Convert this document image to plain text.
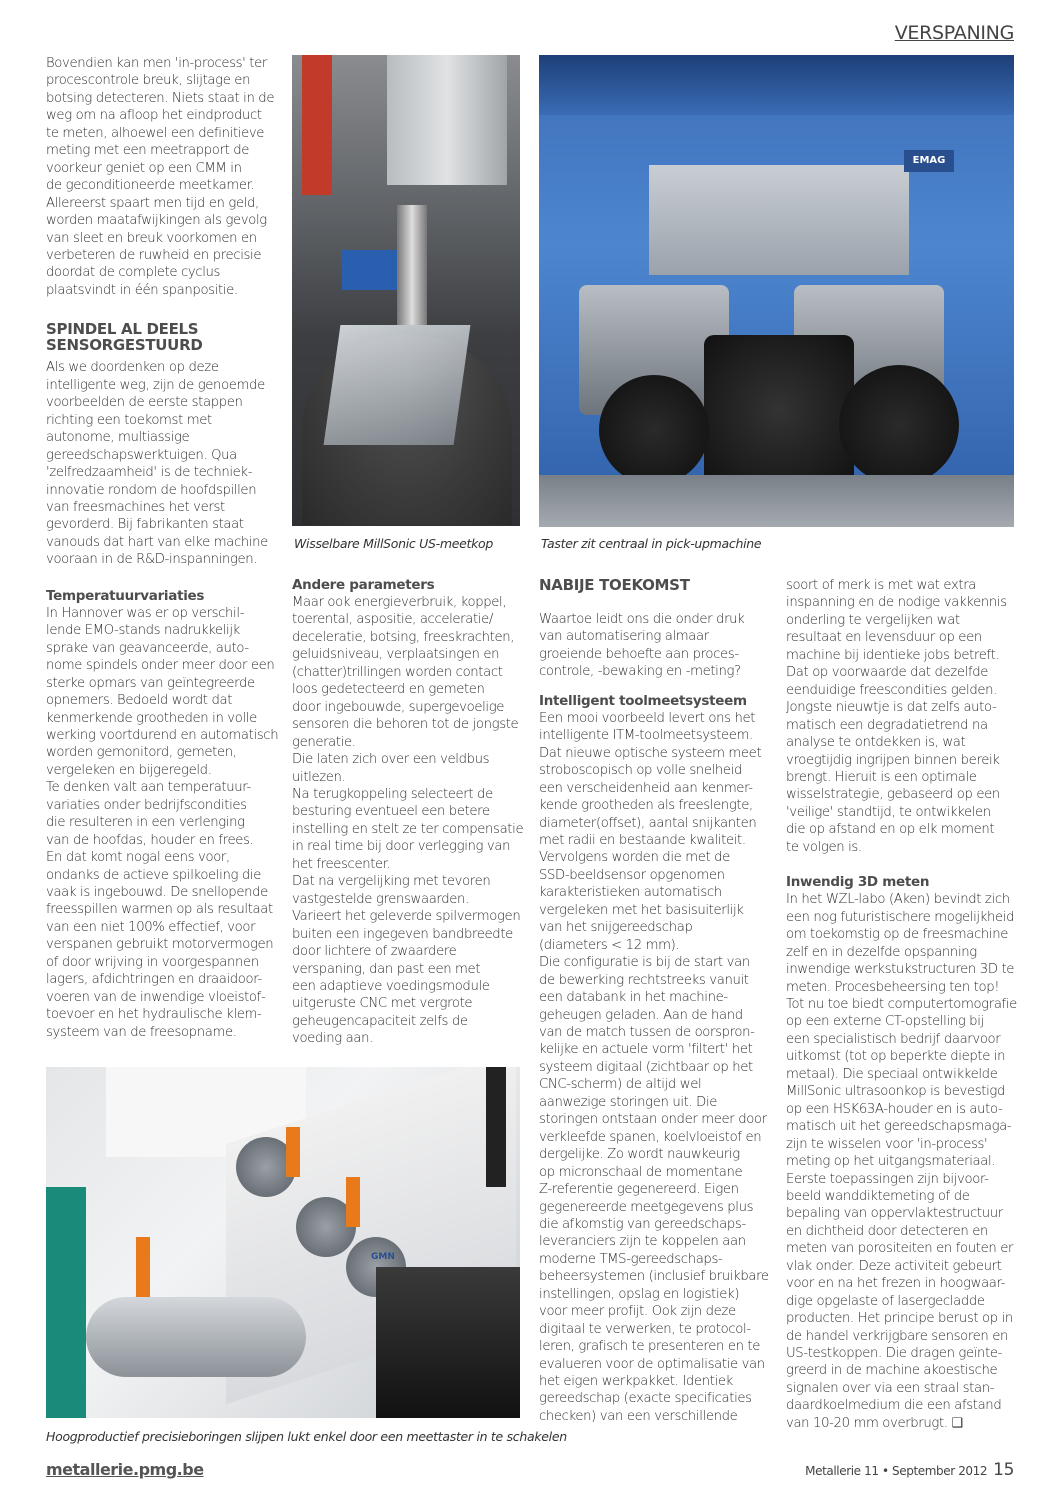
VERSPANING

Bovendien kan men 'in-process' ter
procescontrole breuk, slijtage en
botsing detecteren. Niets staat in de
weg om na afloop het eindproduct
te meten, alhoewel een definitieve
meting met een meetrapport de
voorkeur geniet op een CMM in
de geconditioneerde meetkamer.
Allereerst spaart men tijd en geld,
worden maatafwijkingen als gevolg
van sleet en breuk voorkomen en
verbeteren de ruwheid en precisie
doordat de complete cyclus
plaatsvindt in één spanpositie.

SPINDEL AL DEELS
SENSORGESTUURD

Als we doordenken op deze
intelligente weg, zijn de genoemde
voorbeelden de eerste stappen
richting een toekomst met
autonome, multiassige
gereedschapswerktuigen. Qua
'zelfredzaamheid' is de techniek-
innovatie rondom de hoofdspillen
van freesmachines het verst
gevorderd. Bij fabrikanten staat
vanouds dat hart van elke machine
vooraan in de R&D-inspanningen.

Temperatuurvariaties

In Hannover was er op verschil-
lende EMO-stands nadrukkelijk
sprake van geavanceerde, auto-
nome spindels onder meer door een
sterke opmars van geïntegreerde
opnemers. Bedoeld wordt dat
kenmerkende grootheden in volle
werking voortdurend en automatisch
worden gemonitord, gemeten,
vergeleken en bijgeregeld.
Te denken valt aan temperatuur-
variaties onder bedrijfscondities
die resulteren in een verlenging
van de hoofdas, houder en frees.
En dat komt nogal eens voor,
ondanks de actieve spilkoeling die
vaak is ingebouwd. De snellopende
freesspillen warmen op als resultaat
van een niet 100% effectief, voor
verspanen gebruikt motorvermogen
of door wrijving in voorgespannen
lagers, afdichtringen en draaidoor-
voeren van de inwendige vloeistof-
toevoer en het hydraulische klem-
systeem van de freesopname.

Andere parameters

Maar ook energieverbruik, koppel,
toerental, aspositie, acceleratie/
deceleratie, botsing, freeskrachten,
geluidsniveau, verplaatsingen en
(chatter)trillingen worden contact
loos gedetecteerd en gemeten
door ingebouwde, supergevoelige
sensoren die behoren tot de jongste
generatie.
Die laten zich over een veldbus
uitlezen.
Na terugkoppeling selecteert de
besturing eventueel een betere
instelling en stelt ze ter compensatie
in real time bij door verlegging van
het freescenter.
Dat na vergelijking met tevoren
vastgestelde grenswaarden.
Varieert het geleverde spilvermogen
buiten een ingegeven bandbreedte
door lichtere of zwaardere
verspaning, dan past een met
een adaptieve voedingsmodule
uitgeruste CNC met vergrote
geheugencapaciteit zelfs de
voeding aan.

NABIJE TOEKOMST

Waartoe leidt ons die onder druk
van automatisering almaar
groeiende behoefte aan proces-
controle, -bewaking en -meting?

Intelligent toolmeetsysteem

Een mooi voorbeeld levert ons het
intelligente ITM-toolmeetsysteem.
Dat nieuwe optische systeem meet
stroboscopisch op volle snelheid
een verscheidenheid aan kenmer-
kende grootheden als freeslengte,
diameter(offset), aantal snijkanten
met radii en bestaande kwaliteit.
Vervolgens worden die met de
SSD-beeldsensor opgenomen
karakteristieken automatisch
vergeleken met het basisuiterlijk
van het snijgereedschap
(diameters < 12 mm).
Die configuratie is bij de start van
de bewerking rechtstreeks vanuit
een databank in het machine-
geheugen geladen. Aan de hand
van de match tussen de oorspron-
kelijke en actuele vorm 'filtert' het
systeem digitaal (zichtbaar op het
CNC-scherm) de altijd wel
aanwezige storingen uit. Die
storingen ontstaan onder meer door
verkleefde spanen, koelvloeistof en
dergelijke. Zo wordt nauwkeurig
op micronschaal de momentane
Z-referentie gegenereerd. Eigen
gegenereerde meetgegevens plus
die afkomstig van gereedschaps-
leveranciers zijn te koppelen aan
moderne TMS-gereedschaps-
beheersystemen (inclusief bruikbare
instellingen, opslag en logistiek)
voor meer profijt. Ook zijn deze
digitaal te verwerken, te protocol-
leren, grafisch te presenteren en te
evalueren voor de optimalisatie van
het eigen werkpakket. Identiek
gereedschap (exacte specificaties
checken) van een verschillende

soort of merk is met wat extra
inspanning en de nodige vakkennis
onderling te vergelijken wat
resultaat en levensduur op een
machine bij identieke jobs betreft.
Dat op voorwaarde dat dezelfde
eenduidige freescondities gelden.
Jongste nieuwtje is dat zelfs auto-
matisch een degradatietrend na
analyse te ontdekken is, wat
vroegtijdig ingrijpen binnen bereik
brengt. Hieruit is een optimale
wisselstrategie, gebaseerd op een
'veilige' standtijd, te ontwikkelen
die op afstand en op elk moment
te volgen is.

Inwendig 3D meten

In het WZL-labo (Aken) bevindt zich
een nog futuristischere mogelijkheid
om toekomstig op de freesmachine
zelf en in dezelfde opspanning
inwendige werkstukstructuren 3D te
meten. Procesbeheersing ten top!
Tot nu toe biedt computertomografie
op een externe CT-opstelling bij
een specialistisch bedrijf daarvoor
uitkomst (tot op beperkte diepte in
metaal). Die speciaal ontwikkelde
MillSonic ultrasoonkop is bevestigd
op een HSK63A-houder en is auto-
matisch uit het gereedschapsmaga-
zijn te wisselen voor 'in-process'
meting op het uitgangsmateriaal.
Eerste toepassingen zijn bijvoor-
beeld wanddiktemeting of de
bepaling van oppervlaktestructuur
en dichtheid door detecteren en
meten van porositeiten en fouten er
vlak onder. Deze activiteit gebeurt
voor en na het frezen in hoogwaar-
dige opgelaste of lasergecladde
producten. Het principe berust op in
de handel verkrijgbare sensoren en
US-testkoppen. Die dragen geïnte-
greerd in de machine akoestische
signalen over via een straal stan-
daardkoelmedium die een afstand
van 10-20 mm overbrugt. ❑

Wisselbare MillSonic US-meetkop
EMAG
Taster zit centraal in pick-upmachine
GMN
Hoogproductief precisieboringen slijpen lukt enkel door een meettaster in te schakelen
metallerie.pmg.be	Metallerie 11 • September 2012 15
